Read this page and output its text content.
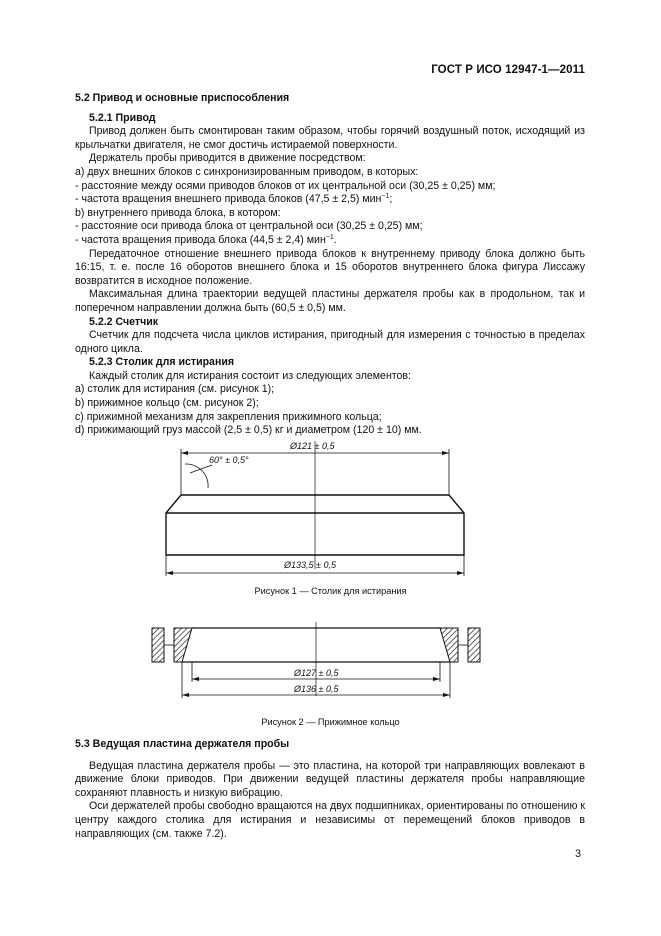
ГОСТ Р ИСО 12947-1—2011

5.2 Привод и основные приспособления

5.2.1 Привод

Привод должен быть смонтирован таким образом, чтобы горячий воздушный поток, исходящий из крыльчатки двигателя, не смог достичь истираемой поверхности.

Держатель пробы приводится в движение посредством:

a) двух внешних блоков с синхронизированным приводом, в которых:

- расстояние между осями приводов блоков от их центральной оси (30,25 ± 0,25) мм;

- частота вращения внешнего привода блоков (47,5 ± 2,5) мин$^{-1}$;

b) внутреннего привода блока, в котором:

- расстояние оси привода блока от центральной оси (30,25 ± 0,25) мм;

- частота вращения привода блока (44,5 ± 2,4) мин$^{-1}$.

Передаточное отношение внешнего привода блоков к внутреннему приводу блока должно быть 16:15, т. е. после 16 оборотов внешнего блока и 15 оборотов внутреннего блока фигура Лиссажу возвратится в исходное положение.

Максимальная длина траектории ведущей пластины держателя пробы как в продольном, так и поперечном направлении должна быть (60,5 ± 0,5) мм.

5.2.2 Счетчик

Счетчик для подсчета числа циклов истирания, пригодный для измерения с точностью в пределах одного цикла.

5.2.3 Столик для истирания

Каждый столик для истирания состоит из следующих элементов:

a) столик для истирания (см. рисунок 1);

b) прижимное кольцо (см. рисунок 2);

c) прижимной механизм для закрепления прижимного кольца;

d) прижимающий груз массой (2,5 ± 0,5) кг и диаметром (120 ± 10) мм.

Ø121 ± 0,5
60° ± 0,5°
Ø133,5 ± 0,5
Рисунок 1 — Столик для истирания
Ø127 ± 0,5
Ø136 ± 0,5
Рисунок 2 — Прижимное кольцо

5.3 Ведущая пластина держателя пробы

Ведущая пластина держателя пробы — это пластина, на которой три направляющих вовлекают в движение блоки приводов. При движении ведущей пластины держателя пробы направляющие сохраняют плавность и низкую вибрацию.

Оси держателей пробы свободно вращаются на двух подшипниках, ориентированы по отношению к центру каждого столика для истирания и независимы от перемещений блоков приводов в направляющих (см. также 7.2).

3
